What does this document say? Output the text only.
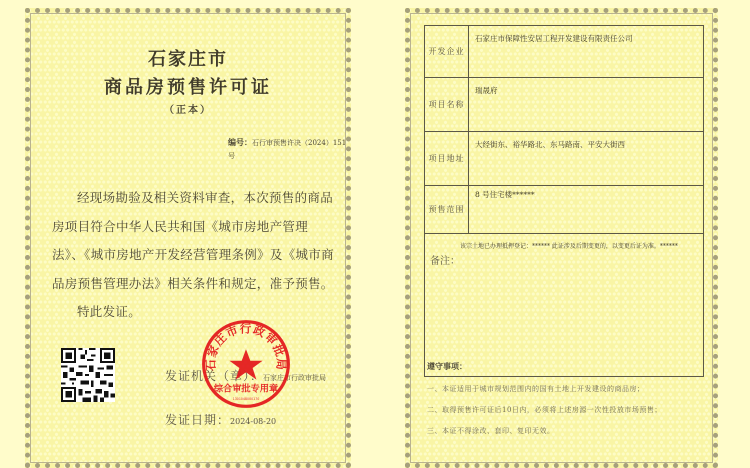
石家庄市
商品房预售许可证
（正本）
编号：石行审预售许决（2024）151号

经现场勘验及相关资料审查，本次预售的商品房项目符合中华人民共和国《城市房地产管理法》、《城市房地产开发经营管理条例》及《城市商品房预售管理办法》相关条件和规定，准予预售。

特此发证。

发证机关（章）：石家庄市行政审批局
发证日期：2024-08-20
石家庄市行政审批局
综合审批专用章
1301048000170
开发企业	石家庄市保障性安居工程开发建设有限责任公司
项目名称	瑞晟府
项目地址	大经街东、裕华路北、东马路南、平安大街西
预售范围	8 号住宅楼******

该宗土地已办理抵押登记：****** 此证涉及后期变更的，以变更后证为准。******
备注：	
遵守事项：
一、本证适用于城市规划范围内的国有土地上开发建设的商品房；
二、取得预售许可证后10日内，必须将上述房源一次性投放市场预售；
三、本证不得涂改、套印、复印无效。
